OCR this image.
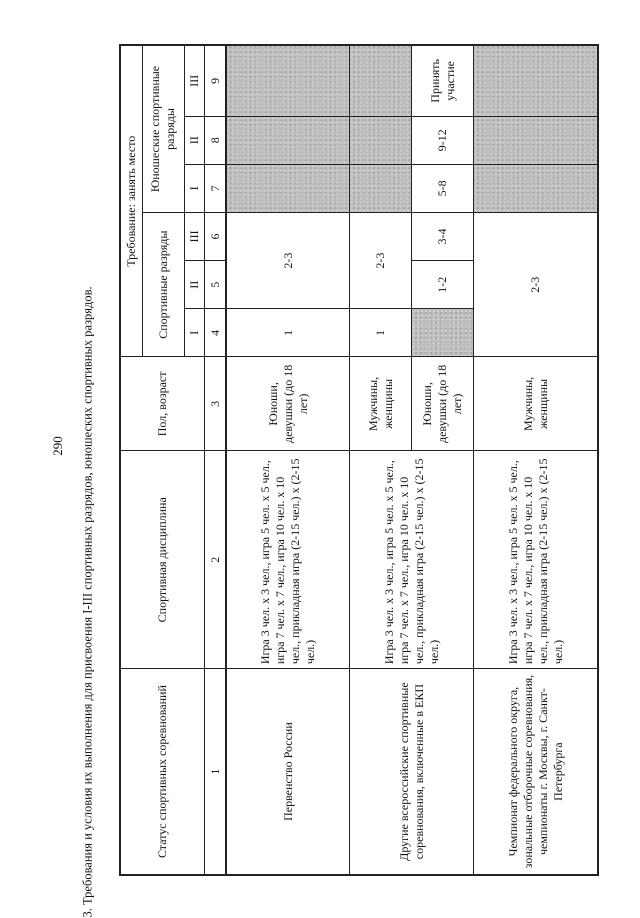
290 3. Требования и условия их выполнения для присвоения I-III спортивных разрядов, юношеских спортивных разрядов.	Статус спортивных соревнований	Спортивная дисциплина	Пол, возраст	Требование: занять место					
			Спортивные разряды			Юношеские спортивные разряды		
			I	II	III	I	II	III
1	2	3	4	5	6	7	8	9
Первенство России	Игра 3 чел. х 3 чел., игра 5 чел. х 5 чел., игра 7 чел. х 7 чел., игра 10 чел. х 10 чел., прикладная игра (2-15 чел.) х (2-15 чел.)	Юноши, девушки (до 18 лет)	1	2-3				
Другие всероссийские спортивные соревнования, включенные в ЕКП	Игра 3 чел. х 3 чел., игра 5 чел. х 5 чел., игра 7 чел. х 7 чел., игра 10 чел. х 10 чел., прикладная игра (2-15 чел.) х (2-15 чел.)	Мужчины, женщины	1	2-3				
		Юноши, девушки (до 18 лет)		1-2	3-4	5-8	9-12	Принять участие
Чемпионат федерального округа, зональные отборочные соревнования, чемпионаты г. Москвы, г. Санкт-Петербурга	Игра 3 чел. х 3 чел., игра 5 чел. х 5 чел., игра 7 чел. х 7 чел., игра 10 чел. х 10 чел., прикладная игра (2-15 чел.) х (2-15 чел.)	Мужчины, женщины	2-3					
